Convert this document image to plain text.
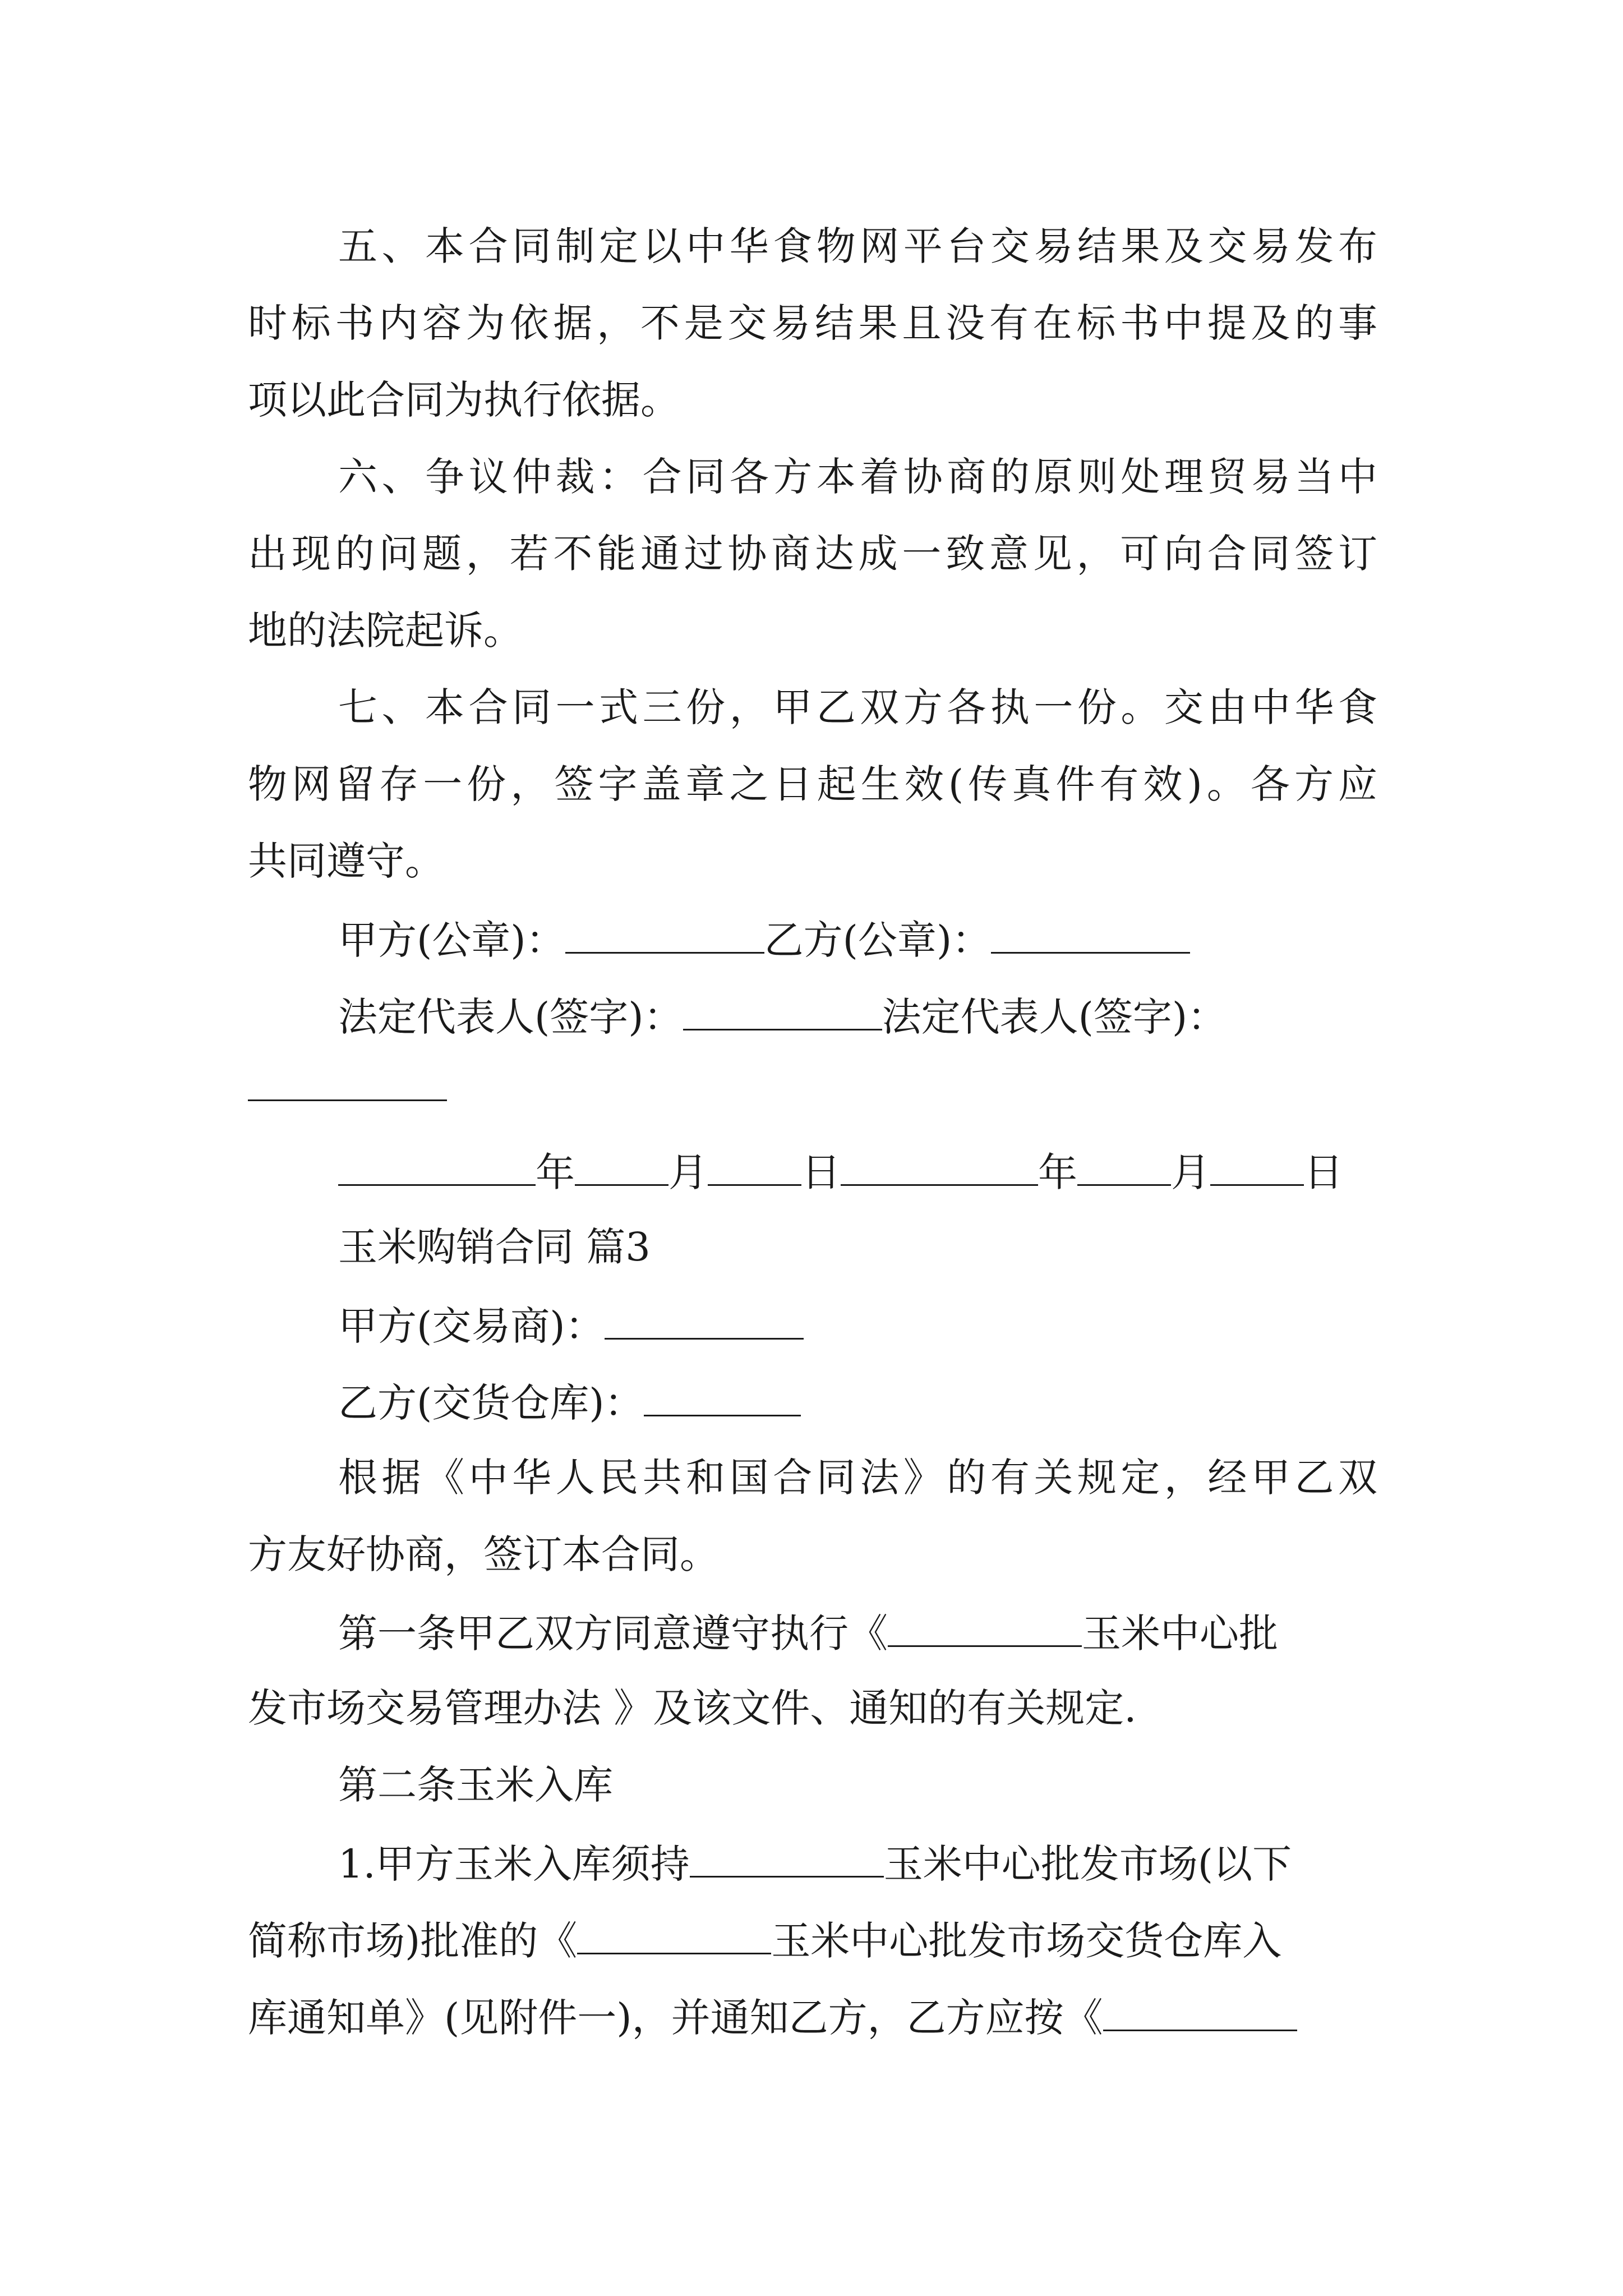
五、本合同制定以中华食物网平台交易结果及交易发布
时标书内容为依据，不是交易结果且没有在标书中提及的事
项以此合同为执行依据。
六、争议仲裁：合同各方本着协商的原则处理贸易当中
出现的问题，若不能通过协商达成一致意见，可向合同签订
地的法院起诉。
七、本合同一式三份，甲乙双方各执一份。交由中华食
物网留存一份，签字盖章之日起生效(传真件有效)。各方应
共同遵守。
甲方(公章)：	乙方(公章)：
法定代表人(签字)：	法定代表人(签字)：
年 月 日	年 月 日
玉米购销合同 篇3
甲方(交易商)：
乙方(交货仓库)：
根据《中华人民共和国合同法》的有关规定，经甲乙双
方友好协商，签订本合同。
第一条甲乙双方同意遵守执行《	玉米中心批
发市场交易管理办法 》及该文件、通知的有关规定.
第二条玉米入库
1.甲方玉米入库须持	玉米中心批发市场(以下
简称市场)批准的《	玉米中心批发市场交货仓库入
库通知单》(见附件一)，并通知乙方，乙方应按《
